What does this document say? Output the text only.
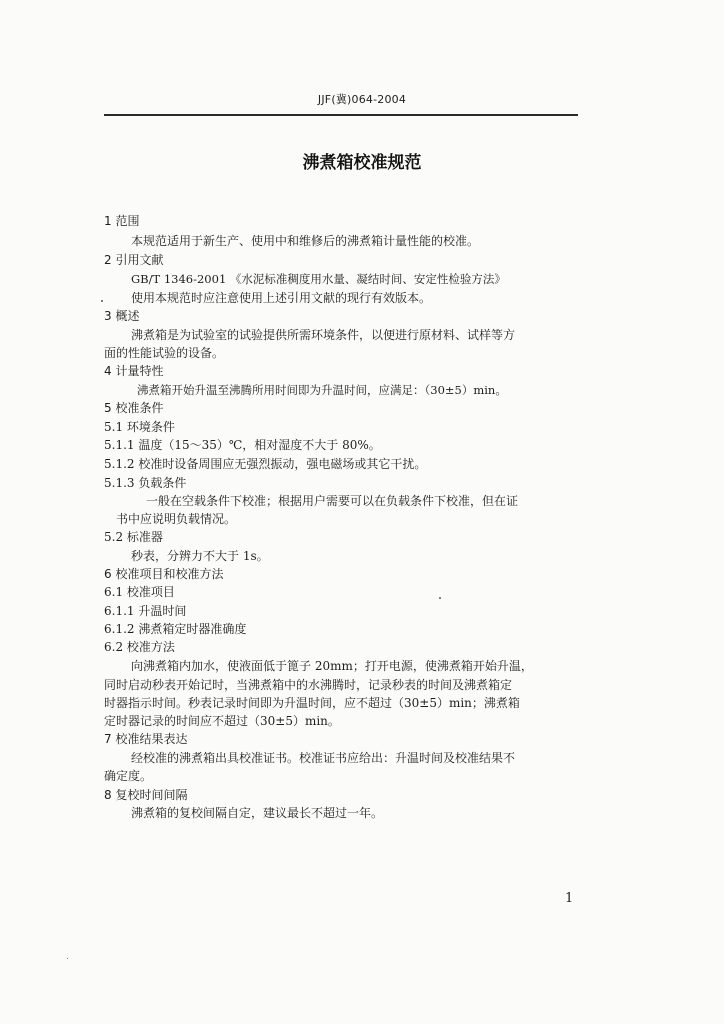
JJF(冀)064-2004
沸煮箱校准规范
1 范围
本规范适用于新生产、使用中和维修后的沸煮箱计量性能的校准。
2 引用文献
GB/T 1346-2001 《水泥标准稠度用水量、凝结时间、安定性检验方法》
使用本规范时应注意使用上述引用文献的现行有效版本。
3 概述
沸煮箱是为试验室的试验提供所需环境条件，以便进行原材料、试样等方
面的性能试验的设备。
4 计量特性
沸煮箱开始升温至沸腾所用时间即为升温时间，应满足：（30±5）min。
5 校准条件
5.1 环境条件
5.1.1 温度（15～35）℃，相对湿度不大于 80%。
5.1.2 校准时设备周围应无强烈振动，强电磁场或其它干扰。
5.1.3 负载条件
一般在空载条件下校准；根据用户需要可以在负载条件下校准，但在证
书中应说明负载情况。
5.2 标准器
秒表，分辨力不大于 1s。
6 校准项目和校准方法
6.1 校准项目
6.1.1 升温时间
6.1.2 沸煮箱定时器准确度
6.2 校准方法
向沸煮箱内加水，使液面低于篦子 20mm；打开电源，使沸煮箱开始升温，
同时启动秒表开始记时，当沸煮箱中的水沸腾时，记录秒表的时间及沸煮箱定
时器指示时间。秒表记录时间即为升温时间，应不超过（30±5）min；沸煮箱
定时器记录的时间应不超过（30±5）min。
7 校准结果表达
经校准的沸煮箱出具校准证书。校准证书应给出：升温时间及校准结果不
确定度。
8 复校时间间隔
沸煮箱的复校间隔自定，建议最长不超过一年。
1
